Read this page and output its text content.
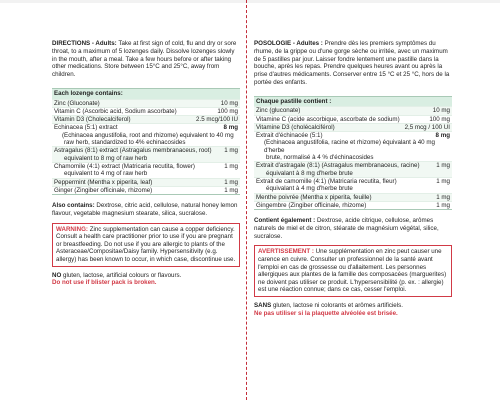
DIRECTIONS - Adults: Take at first sign of cold, flu and dry or sore throat, to a maximum of 5 lozenges daily. Dissolve lozenges slowly in the mouth, after a meal. Take a few hours before or after taking other medications. Store between 15°C and 25°C, away from children.

Each lozenge contains:
Zinc (Gluconate)	10 mg
Vitamin C (Ascorbic acid, Sodium ascorbate)	100 mg
Vitamin D3 (Cholecalciferol)	2.5 mcg/100 IU
Echinacea (5:1) extract	8 mg
(Echinacea angustifolia, root and rhizome) equivalent to 40 mg
raw herb, standardized to 4% echinacosides
Astragalus (8:1) extract (Astragalus membranaceus, root)	1 mg
equivalent to 8 mg of raw herb
Chamomile (4:1) extract (Matricaria recutita, flower)	1 mg
equivalent to 4 mg of raw herb
Peppermint (Mentha x piperita, leaf)	1 mg
Ginger (Zingiber officinale, rhizome)	1 mg

Also contains: Dextrose, citric acid, cellulose, natural honey lemon flavour, vegetable magnesium stearate, silica, sucralose.

WARNING: Zinc supplementation can cause a copper deficiency. Consult a health care practitioner prior to use if you are pregnant or breastfeeding. Do not use if you are allergic to plants of the Asteraceae/Compositae/Daisy family. Hypersensitivity (e.g. allergy) has been known to occur, in which case, discontinue use.

NO gluten, lactose, artificial colours or flavours.

Do not use if blister pack is broken.

POSOLOGIE - Adultes : Prendre dès les premiers symptômes du rhume, de la grippe ou d'une gorge sèche ou irritée, avec un maximum de 5 pastilles par jour. Laisser fondre lentement une pastille dans la bouche, après les repas. Prendre quelques heures avant ou après la prise d'autres médicaments. Conserver entre 15 °C et 25 °C, hors de la portée des enfants.

Chaque pastille contient :
Zinc (gluconate)	10 mg
Vitamine C (acide ascorbique, ascorbate de sodium)	100 mg
Vitamine D3 (cholécalciférol)	2,5 mcg / 100 UI
Extrait d'échinacée (5:1)	8 mg
(Echinacea angustifolia, racine et rhizome) équivalant à 40 mg d'herbe
brute, normalisé à 4 % d'échinacosides
Extrait d'astragale (8:1) (Astragalus membranaceus, racine)	1 mg
équivalant à 8 mg d'herbe brute
Extrait de camomille (4:1) (Matricaria recutita, fleur)	1 mg
équivalant à 4 mg d'herbe brute
Menthe poivrée (Mentha x piperita, feuille)	1 mg
Gingembre (Zingiber officinale, rhizome)	1 mg

Contient également : Dextrose, acide citrique, cellulose, arômes naturels de miel et de citron, stéarate de magnésium végétal, silice, sucralose.

AVERTISSEMENT : Une supplémentation en zinc peut causer une carence en cuivre. Consulter un professionnel de la santé avant l'emploi en cas de grossesse ou d'allaitement. Les personnes allergiques aux plantes de la famille des composacées (marguerites) ne doivent pas utiliser ce produit. L'hypersensibilité (p. ex. : allergie) est une réaction connue; dans ce cas, cesser l'emploi.

SANS gluten, lactose ni colorants et arômes artificiels.

Ne pas utiliser si la plaquette alvéolée est brisée.
